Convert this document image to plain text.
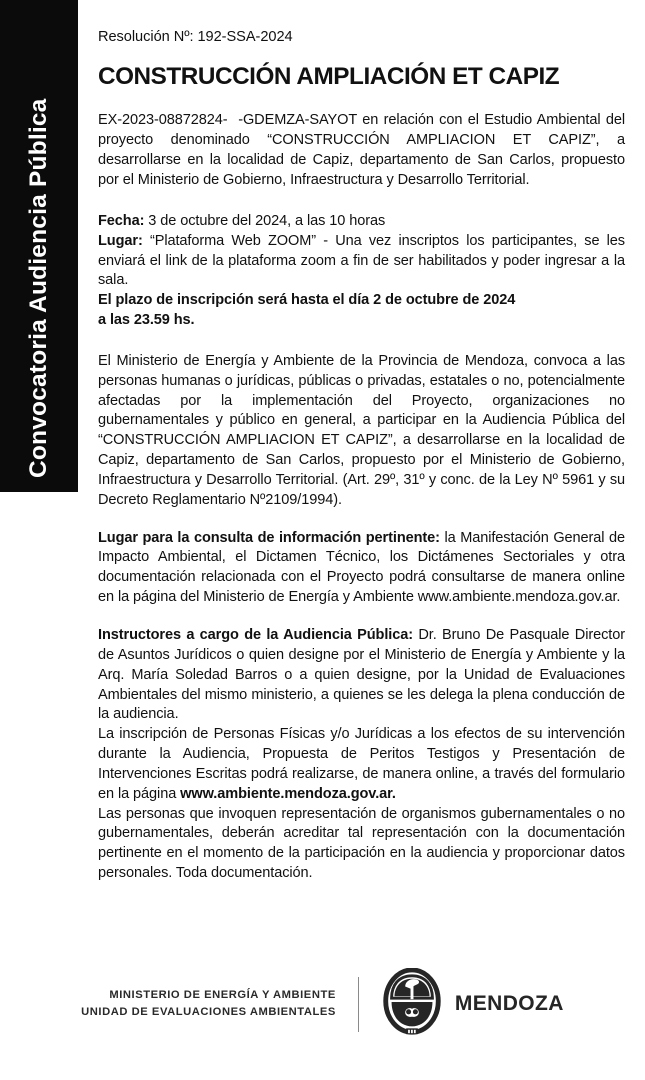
Convocatoria Audiencia Pública
Resolución Nº: 192-SSA-2024
CONSTRUCCIÓN AMPLIACIÓN ET CAPIZ

EX-2023-08872824- -GDEMZA-SAYOT en relación con el Estudio Ambiental del proyecto denominado “CONSTRUCCIÓN AMPLIACION ET CAPIZ”, a desarrollarse en la localidad de Capiz, departamento de San Carlos, propuesto por el Ministerio de Gobierno, Infraestructura y Desarrollo Territorial.

Fecha: 3 de octubre del 2024, a las 10 horas

Lugar: “Plataforma Web ZOOM” - Una vez inscriptos los participantes, se les enviará el link de la plataforma zoom a fin de ser habilitados y poder ingresar a la sala.

El plazo de inscripción será hasta el día 2 de octubre de 2024

a las 23.59 hs.

El Ministerio de Energía y Ambiente de la Provincia de Mendoza, convoca a las personas humanas o jurídicas, públicas o privadas, estatales o no, potencialmente afectadas por la implementación del Proyecto, organizaciones no gubernamentales y público en general, a participar en la Audiencia Pública del “CONSTRUCCIÓN AMPLIACION ET CAPIZ”, a desarrollarse en la localidad de Capiz, departamento de San Carlos, propuesto por el Ministerio de Gobierno, Infraestructura y Desarrollo Territorial. (Art. 29º, 31º y conc. de la Ley Nº 5961 y su Decreto Reglamentario Nº2109/1994).

Lugar para la consulta de información pertinente: la Manifestación General de Impacto Ambiental, el Dictamen Técnico, los Dictámenes Sectoriales y otra documentación relacionada con el Proyecto podrá consultarse de manera online en la página del Ministerio de Energía y Ambiente www.ambiente.mendoza.gov.ar.

Instructores a cargo de la Audiencia Pública: Dr. Bruno De Pasquale Director de Asuntos Jurídicos o quien designe por el Ministerio de Energía y Ambiente y la Arq. María Soledad Barros o a quien designe, por la Unidad de Evaluaciones Ambientales del mismo ministerio, a quienes se les delega la plena conducción de la audiencia.

La inscripción de Personas Físicas y/o Jurídicas a los efectos de su intervención durante la Audiencia, Propuesta de Peritos Testigos y Presentación de Intervenciones Escritas podrá realizarse, de manera online, a través del formulario en la página www.ambiente.mendoza.gov.ar.

Las personas que invoquen representación de organismos gubernamentales o no gubernamentales, deberán acreditar tal representación con la documentación pertinente en el momento de la participación en la audiencia y proporcionar datos personales. Toda documentación.

MINISTERIO DE ENERGÍA Y AMBIENTE
UNIDAD DE EVALUACIONES AMBIENTALES	MENDOZA
